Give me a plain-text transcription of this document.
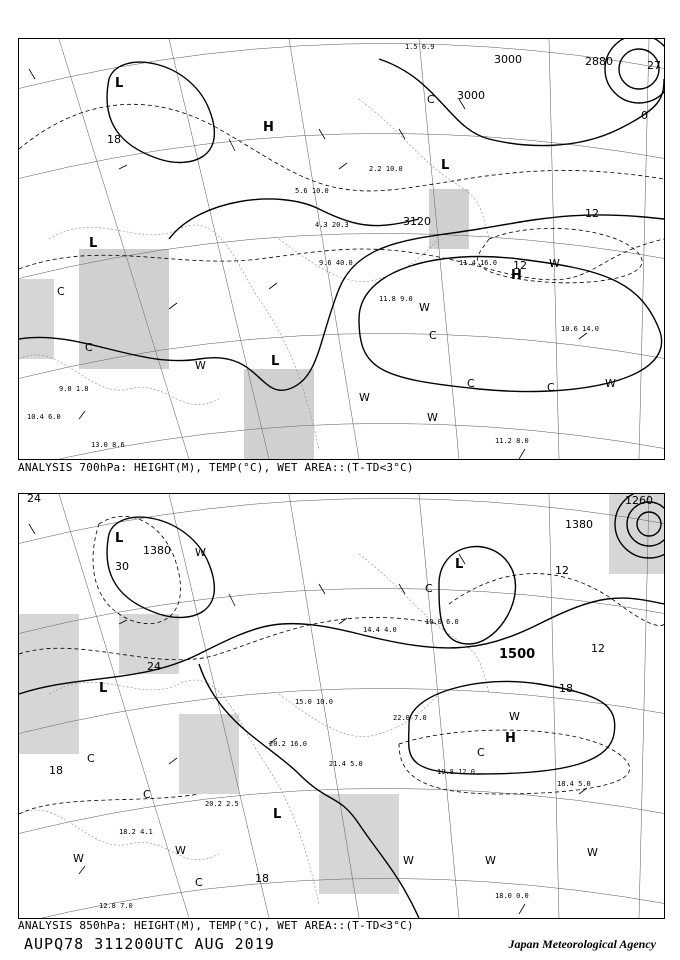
3000
3000
2880	27
3120
0
12
12
18
L
H
L
L
H
L
W
W
W
W
W
W
C
C	C
C
C
C
11.2 8.0
10.6 14.0
11.8 9.0
13.0 8.6
9.0 1.8
10.4 6.0
11.4 16.0
9.6 40.0
5.6 10.0
4.3 20.3
2.2 10.0
1.5 6.9
ANALYSIS 700hPa: HEIGHT(M), TEMP(°C), WET AREA::(T-TD<3°C)
1380
1380
1260
1500
30
24
24
18
18
12
18
12
L
L
H
L
L
W
W
W	W
W
W
W
C
C
C
C
C
18.0 0.0
18.4 5.0
19.8 12.0
20.2 2.5
20.2 16.0
18.2 4.1
12.8 7.0
21.4 5.0
15.0 10.0
22.0 7.0
14.4 4.0
10.0 6.0
ANALYSIS 850hPa: HEIGHT(M), TEMP(°C), WET AREA::(T-TD<3°C)
AUPQ78 311200UTC AUG 2019	Japan Meteorological Agency
